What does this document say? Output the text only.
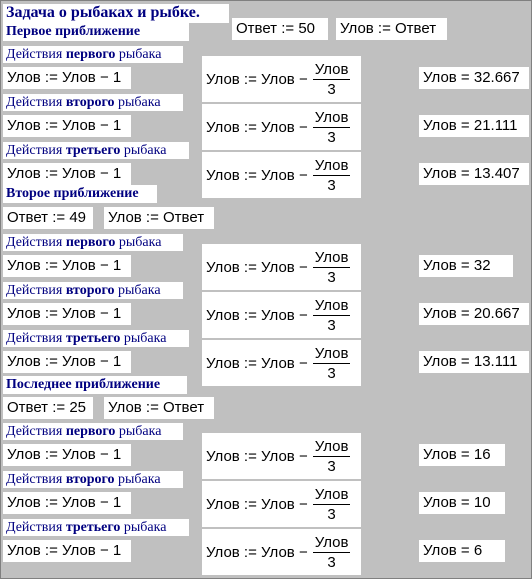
Задача о рыбаках и рыбке.
Первое приближение	Ответ := 50	Улов := Ответ
Действия первого рыбака
Улов := Улов − 1	Улов := Улов − $\frac{\text{Улов}}{3}$	Улов = 32.667
Действия второго рыбака
Улов := Улов − 1	Улов := Улов − $\frac{\text{Улов}}{3}$	Улов = 21.111
Действия третьего рыбака
Улов := Улов − 1	Улов := Улов − $\frac{\text{Улов}}{3}$	Улов = 13.407
Второе приближение
Ответ := 49	Улов := Ответ
Действия первого рыбака
Улов := Улов − 1	Улов := Улов − $\frac{\text{Улов}}{3}$	Улов = 32
Действия второго рыбака
Улов := Улов − 1	Улов := Улов − $\frac{\text{Улов}}{3}$	Улов = 20.667
Действия третьего рыбака
Улов := Улов − 1	Улов := Улов − $\frac{\text{Улов}}{3}$	Улов = 13.111
Последнее приближение
Ответ := 25	Улов := Ответ
Действия первого рыбака
Улов := Улов − 1	Улов := Улов − $\frac{\text{Улов}}{3}$	Улов = 16
Действия второго рыбака
Улов := Улов − 1	Улов := Улов − $\frac{\text{Улов}}{3}$	Улов = 10
Действия третьего рыбака
Улов := Улов − 1	Улов := Улов − $\frac{\text{Улов}}{3}$	Улов = 6
